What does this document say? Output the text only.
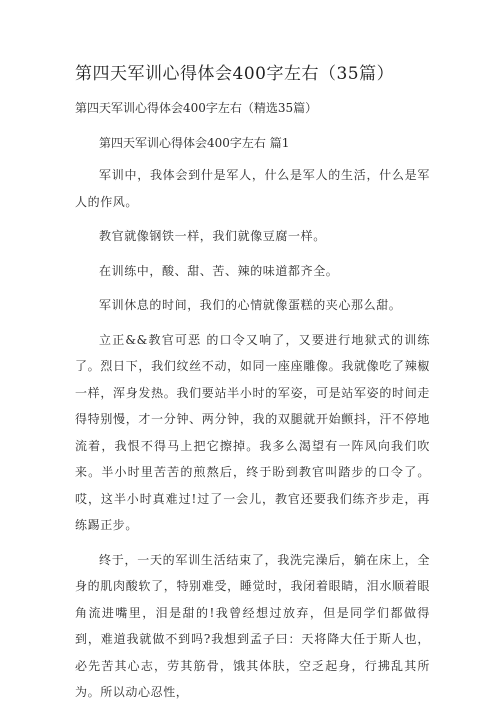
第四天军训心得体会400字左右（35篇）
第四天军训心得体会400字左右（精选35篇）
第四天军训心得体会400字左右 篇1

军训中，我体会到什是军人，什么是军人的生活，什么是军人的作风。

教官就像钢铁一样，我们就像豆腐一样。

在训练中，酸、甜、苦、辣的味道都齐全。

军训休息的时间，我们的心情就像蛋糕的夹心那么甜。

立正&&教官可恶 的口令又响了，又要进行地狱式的训练了。烈日下，我们纹丝不动，如同一座座雕像。我就像吃了辣椒一样，浑身发热。我们要站半小时的军姿，可是站军姿的时间走得特别慢，才一分钟、两分钟，我的双腿就开始颤抖，汗不停地流着，我恨不得马上把它擦掉。我多么渴望有一阵风向我们吹来。半小时里苦苦的煎熬后，终于盼到教官叫踏步的口令了。哎，这半小时真难过!过了一会儿，教官还要我们练齐步走，再练踢正步。

终于，一天的军训生活结束了，我洗完澡后，躺在床上，全身的肌肉酸软了，特别难受，睡觉时，我闭着眼睛，泪水顺着眼角流进嘴里，泪是甜的!我曾经想过放弃，但是同学们都做得到，难道我就做不到吗?我想到孟子曰：天将降大任于斯人也，必先苦其心志，劳其筋骨，饿其体肤，空乏起身，行拂乱其所为。所以动心忍性，
